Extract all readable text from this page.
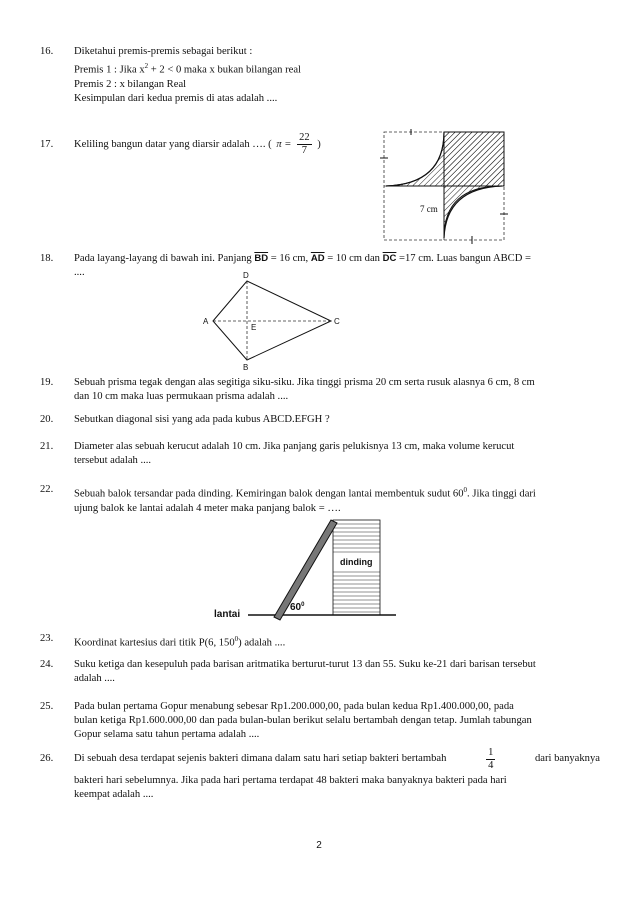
16. Diketahui premis-premis sebagai berikut :
Premis 1 : Jika $x^2 + 2 < 0$ maka x bukan bilangan real
Premis 2 : x bilangan Real
Kesimpulan dari kedua premis di atas adalah ....
17. Keliling bangun datar yang diarsir adalah …. ( $\pi = \frac{22}{7}$ )
7 cm
18. Pada layang-layang di bawah ini. Panjang $\overline{BD} = 16$ cm, $\overline{AD} = 10$ cm dan $\overline{DC} =17$ cm. Luas bangun ABCD =
....	D
A	C
E
B
19. Sebuah prisma tegak dengan alas segitiga siku-siku. Jika tinggi prisma 20 cm serta rusuk alasnya 6 cm, 8 cm
dan 10 cm maka luas permukaan prisma adalah ....
20. Sebutkan diagonal sisi yang ada pada kubus ABCD.EFGH ?
21. Diameter alas sebuah kerucut adalah 10 cm. Jika panjang garis pelukisnya 13 cm, maka volume kerucut
tersebut adalah ....
22. Sebuah balok tersandar pada dinding. Kemiringan balok dengan lantai membentuk sudut $60^0$. Jika tinggi dari
ujung balok ke lantai adalah 4 meter maka panjang balok = ….
dinding
lantai
$60^0$
23. Koordinat kartesius dari titik P(6, $150^0$) adalah ....
24. Suku ketiga dan kesepuluh pada barisan aritmatika berturut-turut 13 dan 55. Suku ke-21 dari barisan tersebut
adalah ....
25. Pada bulan pertama Gopur menabung sebesar Rp1.200.000,00, pada bulan kedua Rp1.400.000,00, pada
bulan ketiga Rp1.600.000,00 dan pada bulan-bulan berikut selalu bertambah dengan tetap. Jumlah tabungan
Gopur selama satu tahun pertama adalah ....
26. Di sebuah desa terdapat sejenis bakteri dimana dalam satu hari setiap bakteri bertambah	$\frac{1}{4}$	dari banyaknya
bakteri hari sebelumnya. Jika pada hari pertama terdapat 48 bakteri maka banyaknya bakteri pada hari
keempat adalah ....
2
